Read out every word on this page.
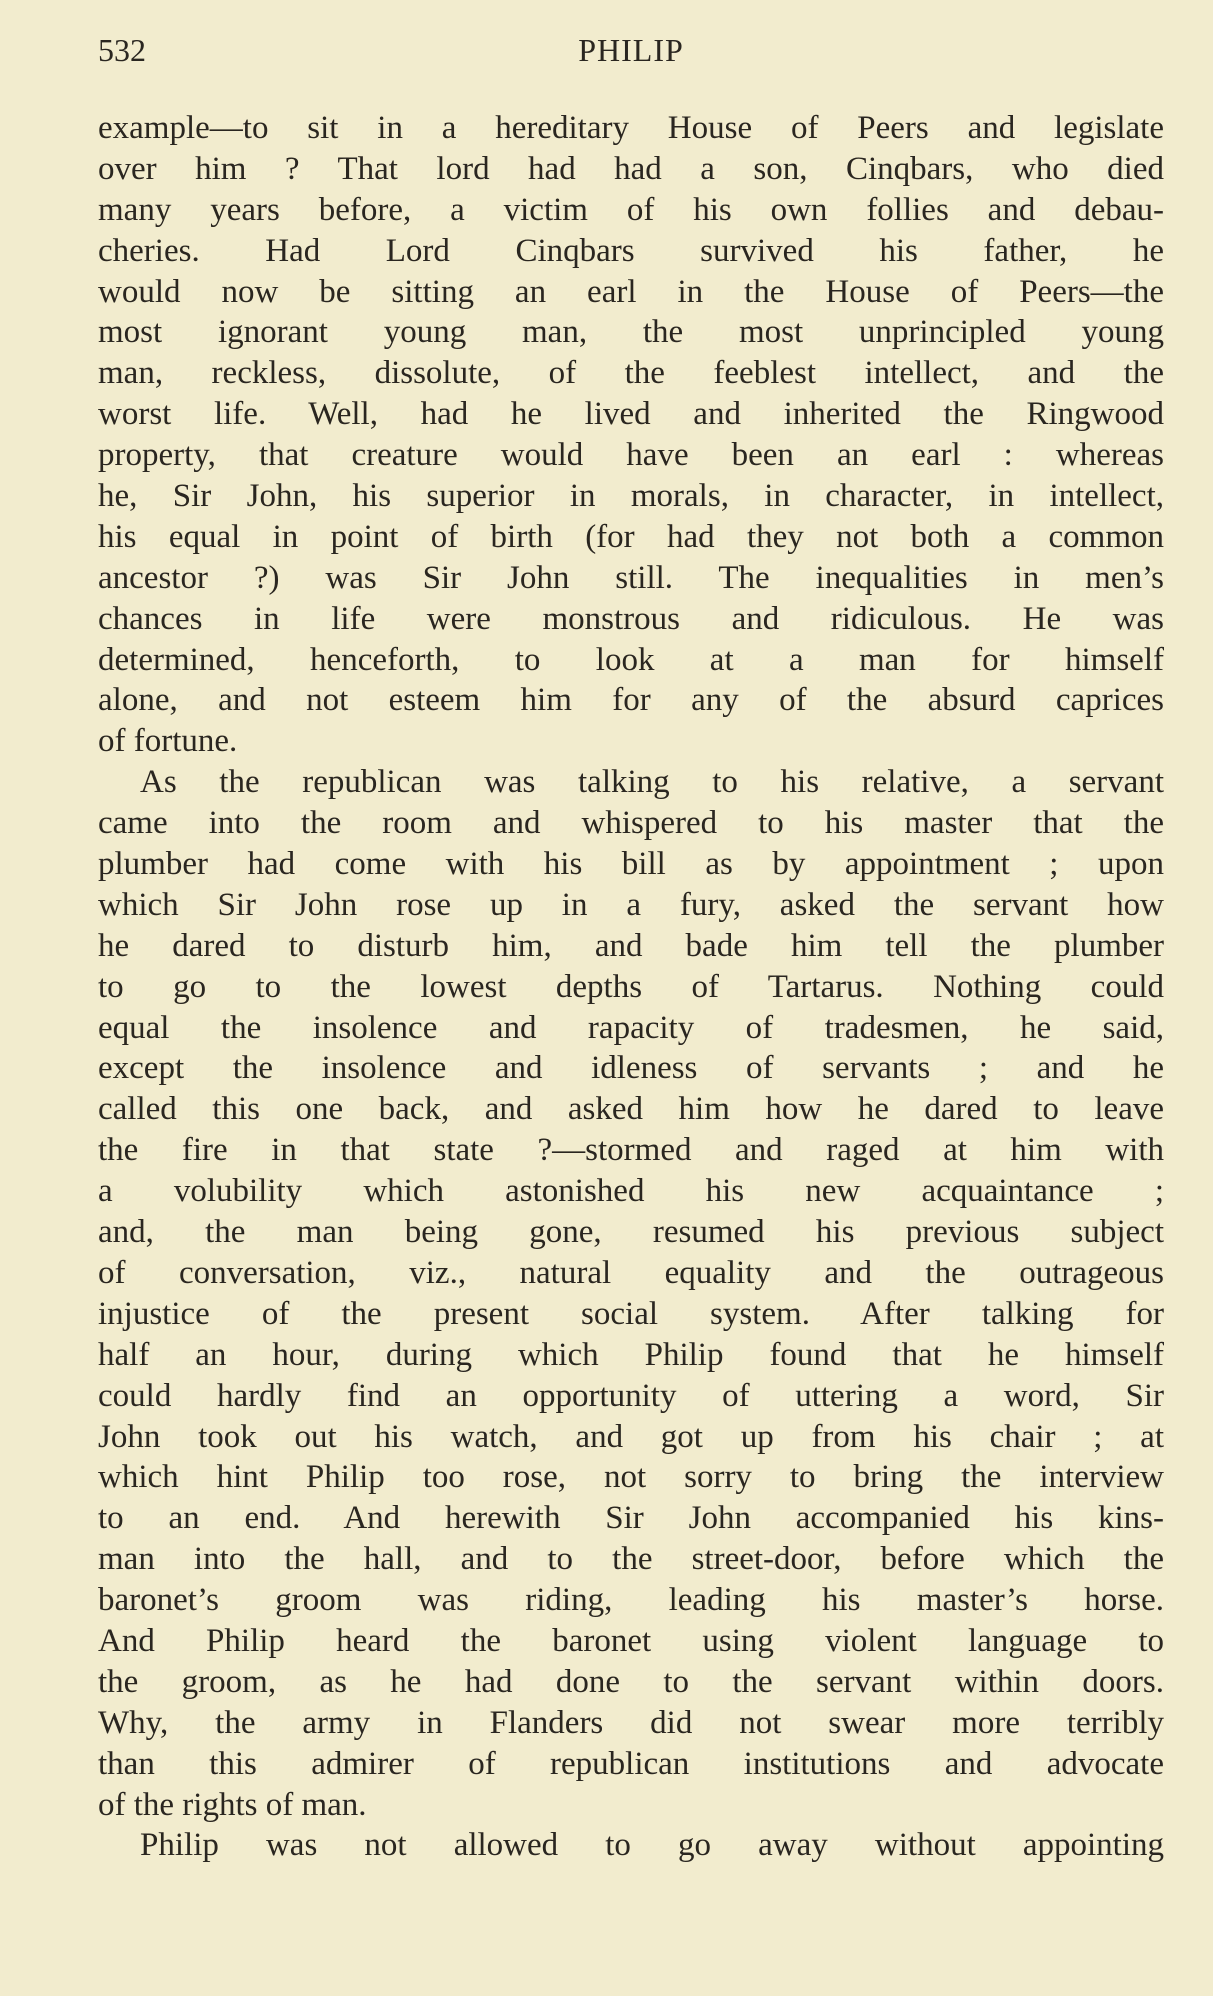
532	PHILIP
example—to sit in a hereditary House of Peers and legislate
over him ? That lord had had a son, Cinqbars, who died
many years before, a victim of his own follies and debau-
cheries. Had Lord Cinqbars survived his father, he
would now be sitting an earl in the House of Peers—the
most ignorant young man, the most unprincipled young
man, reckless, dissolute, of the feeblest intellect, and the
worst life. Well, had he lived and inherited the Ringwood
property, that creature would have been an earl : whereas
he, Sir John, his superior in morals, in character, in intellect,
his equal in point of birth (for had they not both a common
ancestor ?) was Sir John still. The inequalities in men’s
chances in life were monstrous and ridiculous. He was
determined, henceforth, to look at a man for himself
alone, and not esteem him for any of the absurd caprices
of fortune.
As the republican was talking to his relative, a servant
came into the room and whispered to his master that the
plumber had come with his bill as by appointment ; upon
which Sir John rose up in a fury, asked the servant how
he dared to disturb him, and bade him tell the plumber
to go to the lowest depths of Tartarus. Nothing could
equal the insolence and rapacity of tradesmen, he said,
except the insolence and idleness of servants ; and he
called this one back, and asked him how he dared to leave
the fire in that state ?—stormed and raged at him with
a volubility which astonished his new acquaintance ;
and, the man being gone, resumed his previous subject
of conversation, viz., natural equality and the outrageous
injustice of the present social system. After talking for
half an hour, during which Philip found that he himself
could hardly find an opportunity of uttering a word, Sir
John took out his watch, and got up from his chair ; at
which hint Philip too rose, not sorry to bring the interview
to an end. And herewith Sir John accompanied his kins-
man into the hall, and to the street-door, before which the
baronet’s groom was riding, leading his master’s horse.
And Philip heard the baronet using violent language to
the groom, as he had done to the servant within doors.
Why, the army in Flanders did not swear more terribly
than this admirer of republican institutions and advocate
of the rights of man.
Philip was not allowed to go away without appointing
